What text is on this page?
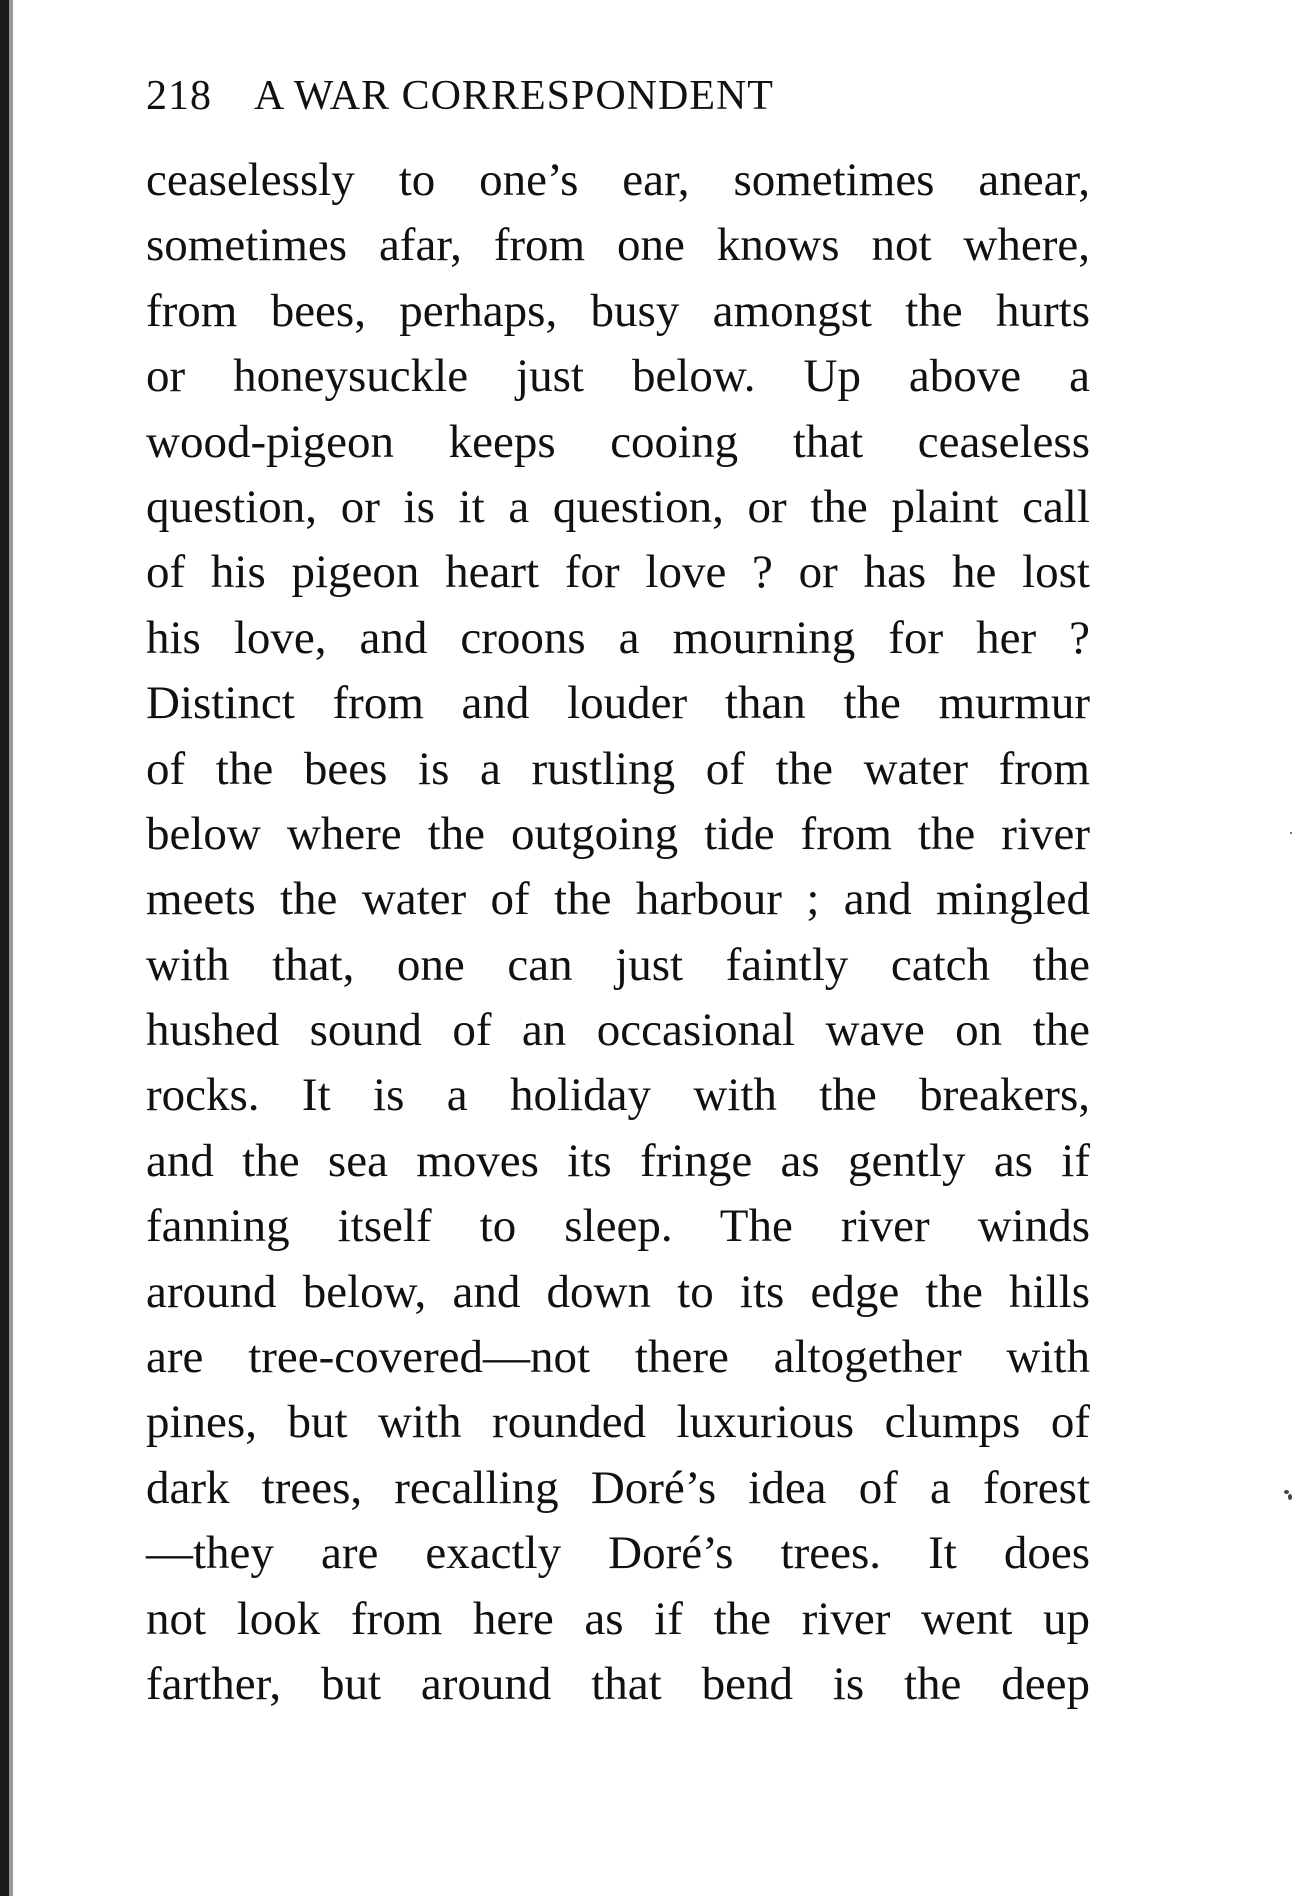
218 A WAR CORRESPONDENT
ceaselessly to one’s ear, sometimes anear,
sometimes afar, from one knows not where,
from bees, perhaps, busy amongst the hurts
or honeysuckle just below. Up above a
wood-pigeon keeps cooing that ceaseless
question, or is it a question, or the plaint call
of his pigeon heart for love ? or has he lost
his love, and croons a mourning for her ?
Distinct from and louder than the murmur
of the bees is a rustling of the water from
below where the outgoing tide from the river
meets the water of the harbour ; and mingled
with that, one can just faintly catch the
hushed sound of an occasional wave on the
rocks. It is a holiday with the breakers,
and the sea moves its fringe as gently as if
fanning itself to sleep. The river winds
around below, and down to its edge the hills
are tree-covered—not there altogether with
pines, but with rounded luxurious clumps of
dark trees, recalling Doré’s idea of a forest
—they are exactly Doré’s trees. It does
not look from here as if the river went up
farther, but around that bend is the deep
